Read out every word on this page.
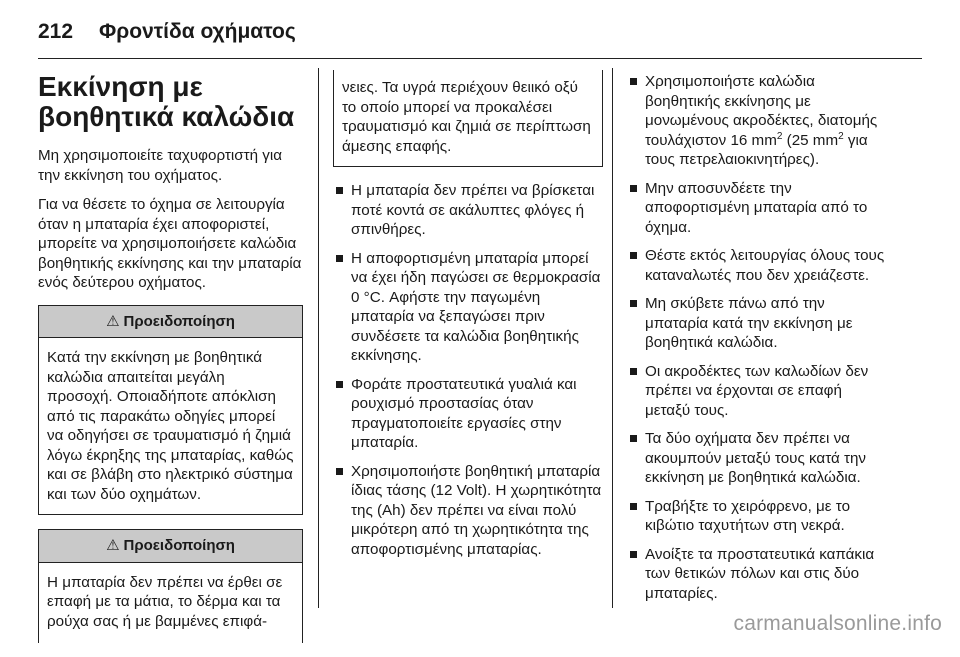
212 Φροντίδα οχήματος
Εκκίνηση με βοηθητικά καλώδια

Μη χρησιμοποιείτε ταχυφορτιστή για την εκκίνηση του οχήματος.

Για να θέσετε το όχημα σε λειτουργία όταν η μπαταρία έχει αποφοριστεί, μπορείτε να χρησιμοποιήσετε καλώδια βοηθητικής εκκίνησης και την μπαταρία ενός δεύτερου οχήματος.

⚠ Προειδοποίηση
Κατά την εκκίνηση με βοηθητικά καλώδια απαιτείται μεγάλη προσοχή. Οποιαδήποτε απόκλιση από τις παρακάτω οδηγίες μπορεί να οδηγήσει σε τραυματισμό ή ζημιά λόγω έκρηξης της μπαταρίας, καθώς και σε βλάβη στο ηλεκτρικό σύστημα και των δύο οχημάτων.
⚠ Προειδοποίηση
Η μπαταρία δεν πρέπει να έρθει σε επαφή με τα μάτια, το δέρμα και τα ρούχα σας ή με βαμμένες επιφά-
νειες. Τα υγρά περιέχουν θειικό οξύ το οποίο μπορεί να προκαλέσει τραυματισμό και ζημιά σε περίπτωση άμεσης επαφής.
Η μπαταρία δεν πρέπει να βρίσκεται ποτέ κοντά σε ακάλυπτες φλόγες ή σπινθήρες.
Η αποφορτισμένη μπαταρία μπορεί να έχει ήδη παγώσει σε θερμοκρασία 0 °C. Αφήστε την παγωμένη μπαταρία να ξεπαγώσει πριν συνδέσετε τα καλώδια βοηθητικής εκκίνησης.
Φοράτε προστατευτικά γυαλιά και ρουχισμό προστασίας όταν πραγματοποιείτε εργασίες στην μπαταρία.
Χρησιμοποιήστε βοηθητική μπαταρία ίδιας τάσης (12 Volt). Η χωρητικότητα της (Ah) δεν πρέπει να είναι πολύ μικρότερη από τη χωρητικότητα της αποφορτισμένης μπαταρίας.
Χρησιμοποιήστε καλώδια βοηθητικής εκκίνησης με μονωμένους ακροδέκτες, διατομής τουλάχιστον 16 $mm^2$ (25 $mm^2$ για τους πετρελαιοκινητήρες).
Μην αποσυνδέετε την αποφορτισμένη μπαταρία από το όχημα.
Θέστε εκτός λειτουργίας όλους τους καταναλωτές που δεν χρειάζεστε.
Μη σκύβετε πάνω από την μπαταρία κατά την εκκίνηση με βοηθητικά καλώδια.
Οι ακροδέκτες των καλωδίων δεν πρέπει να έρχονται σε επαφή μεταξύ τους.
Τα δύο οχήματα δεν πρέπει να ακουμπούν μεταξύ τους κατά την εκκίνηση με βοηθητικά καλώδια.
Τραβήξτε το χειρόφρενο, με το κιβώτιο ταχυτήτων στη νεκρά.
Ανοίξτε τα προστατευτικά καπάκια των θετικών πόλων και στις δύο μπαταρίες.
carmanualsonline.info
